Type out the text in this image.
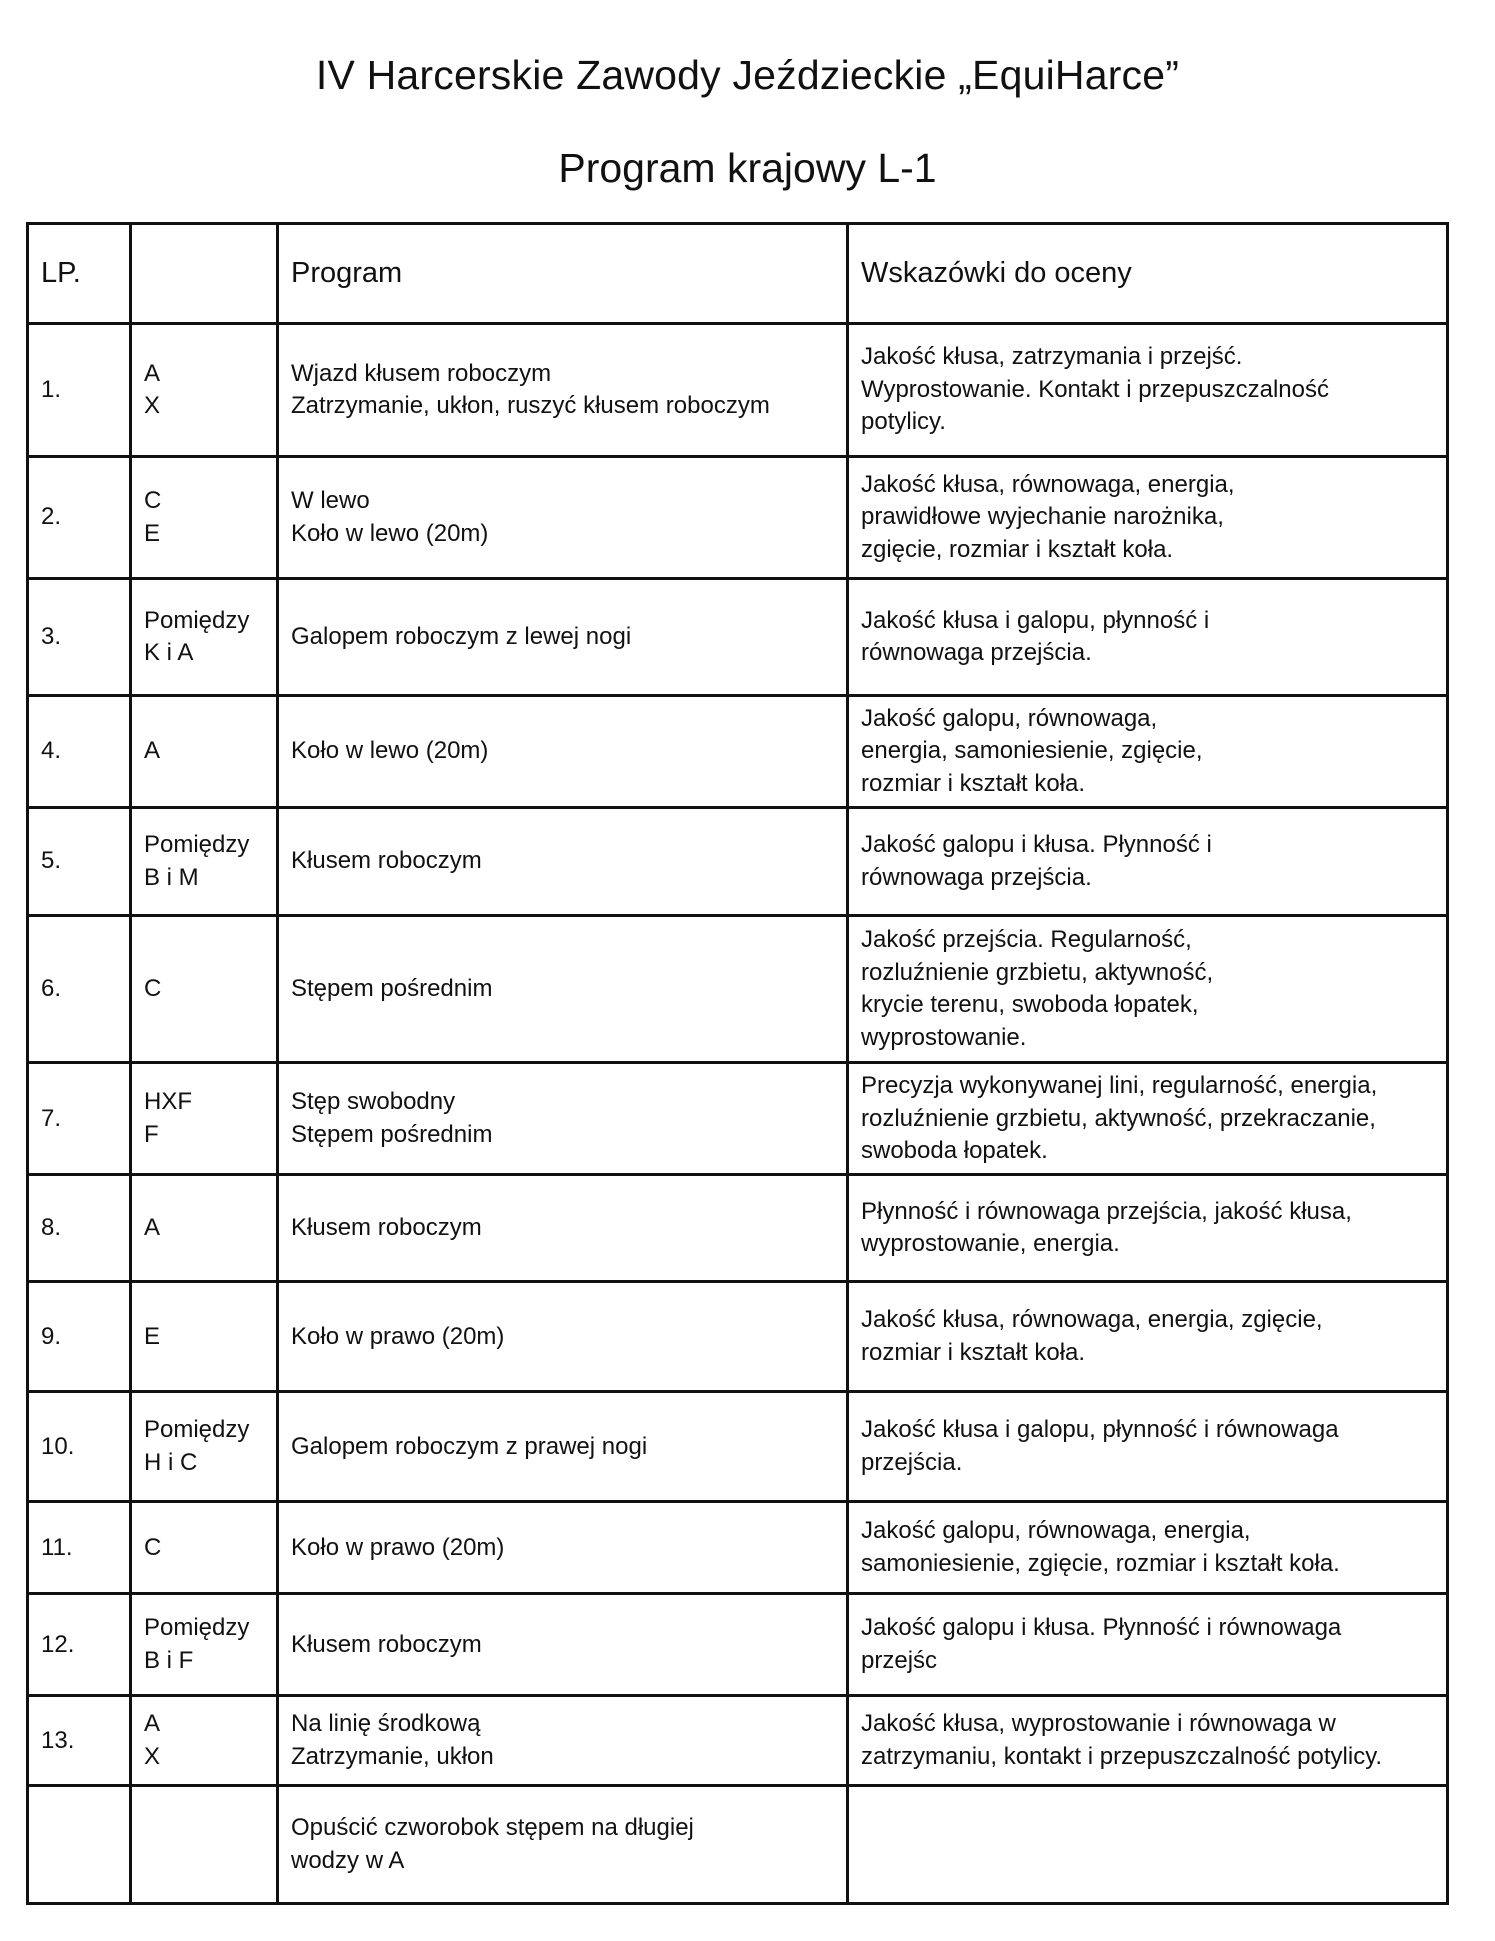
IV Harcerskie Zawody Jeździeckie „EquiHarce”
Program krajowy L-1
LP.		Program	Wskazówki do oceny
1.	A
X	Wjazd kłusem roboczym
Zatrzymanie, ukłon, ruszyć kłusem roboczym	Jakość kłusa, zatrzymania i przejść.
Wyprostowanie. Kontakt i przepuszczalność
potylicy.

2.	C
E	W lewo
Koło w lewo (20m)	Jakość kłusa, równowaga, energia,
prawidłowe wyjechanie narożnika,
zgięcie, rozmiar i kształt koła.

3.	Pomiędzy
K i A	Galopem roboczym z lewej nogi	Jakość kłusa i galopu, płynność i
równowaga przejścia.

4.	A	Koło w lewo (20m)	Jakość galopu, równowaga,
energia, samoniesienie, zgięcie,
rozmiar i kształt koła.

5.	Pomiędzy
B i M	Kłusem roboczym	Jakość galopu i kłusa. Płynność i
równowaga przejścia.

6.	C	Stępem pośrednim	Jakość przejścia. Regularność,
rozluźnienie grzbietu, aktywność,
krycie terenu, swoboda łopatek,
wyprostowanie.

7.	HXF
F	Stęp swobodny
Stępem pośrednim	Precyzja wykonywanej lini, regularność, energia,
rozluźnienie grzbietu, aktywność, przekraczanie,
swoboda łopatek.

8.	A	Kłusem roboczym	Płynność i równowaga przejścia, jakość kłusa,
wyprostowanie, energia.

9.	E	Koło w prawo (20m)	Jakość kłusa, równowaga, energia, zgięcie,
rozmiar i kształt koła.

10.	Pomiędzy
H i C	Galopem roboczym z prawej nogi	Jakość kłusa i galopu, płynność i równowaga
przejścia.

11.	C	Koło w prawo (20m)	Jakość galopu, równowaga, energia,
samoniesienie, zgięcie, rozmiar i kształt koła.

12.	Pomiędzy
B i F	Kłusem roboczym	Jakość galopu i kłusa. Płynność i równowaga
przejśc

13.	A
X	Na linię środkową
Zatrzymanie, ukłon	Jakość kłusa, wyprostowanie i równowaga w
zatrzymaniu, kontakt i przepuszczalność potylicy.

		Opuścić czworobok stępem na długiej
wodzy w A	
